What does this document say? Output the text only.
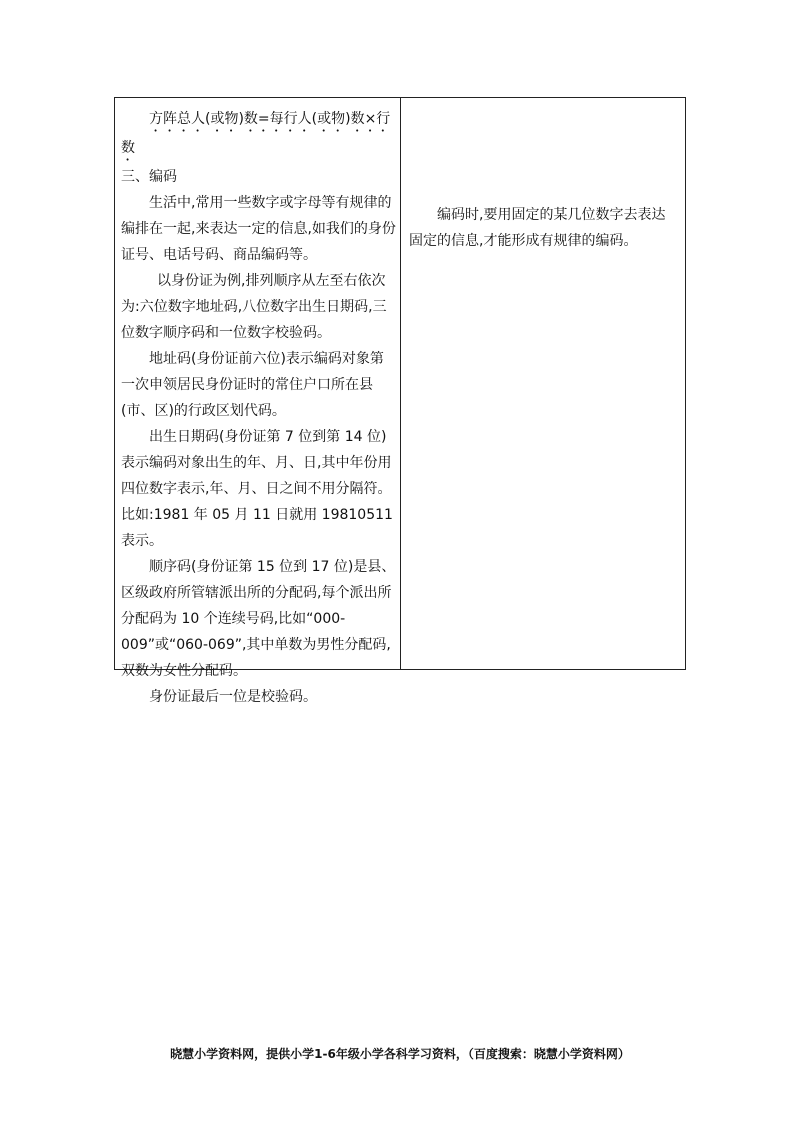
方阵总人(或物)数=每行人(或物)数×行

数

三、编码

生活中,常用一些数字或字母等有规律的编排在一起,来表达一定的信息,如我们的身份证号、电话号码、商品编码等。

以身份证为例,排列顺序从左至右依次为:六位数字地址码,八位数字出生日期码,三位数字顺序码和一位数字校验码。

地址码(身份证前六位)表示编码对象第一次申领居民身份证时的常住户口所在县(市、区)的行政区划代码。

出生日期码(身份证第 7 位到第 14 位)表示编码对象出生的年、月、日,其中年份用四位数字表示,年、月、日之间不用分隔符。比如:1981 年 05 月 11 日就用 19810511 表示。

顺序码(身份证第 15 位到 17 位)是县、区级政府所管辖派出所的分配码,每个派出所分配码为 10 个连续号码,比如“000-009”或“060-069”,其中单数为男性分配码,双数为女性分配码。

身份证最后一位是校验码。

编码时,要用固定的某几位数字去表达固定的信息,才能形成有规律的编码。

晓慧小学资料网，提供小学1-6年级小学各科学习资料，（百度搜索：晓慧小学资料网）
